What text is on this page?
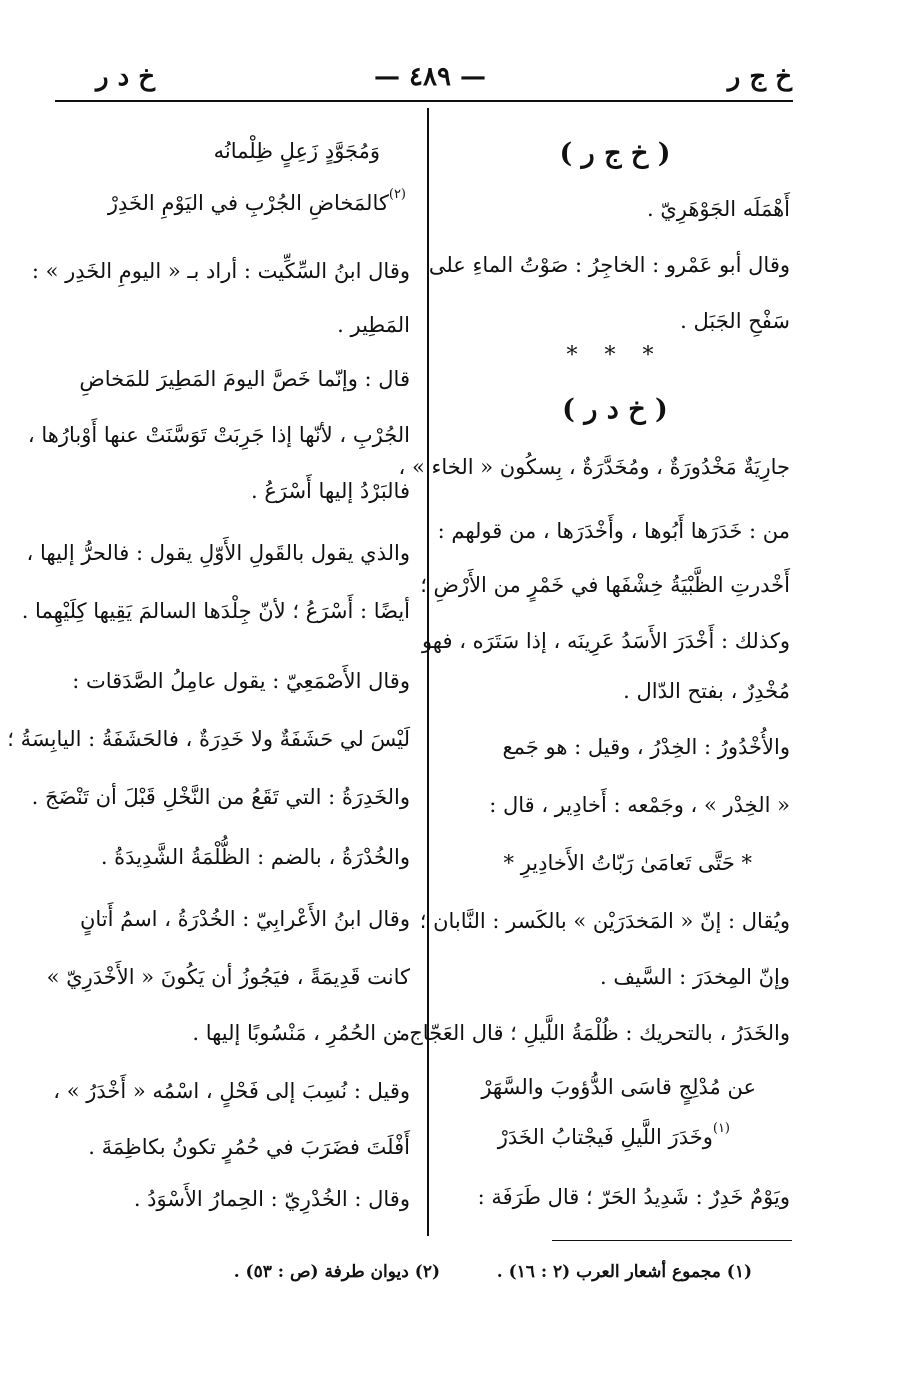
خ ج ر
— ٤٨٩ —
خ د ر
( خ ج ر )
أَهْمَلَه الجَوْهَرِيّ .
وقال أبو عَمْرو : الخاجِرُ : صَوْتُ الماءِ على
سَفْحِ الجَبَل .
* * *
( خ د ر )
جارِيَةٌ مَخْدُورَةٌ ، ومُخَدَّرَةٌ ، بِسكُون « الخاء » ،
من : خَدَرَها أَبُوها ، وأَخْدَرَها ، من قولهم :
أَخْدرتِ الظَّبْيَةُ خِشْفَها في خَمْرٍ من الأَرْضِ ؛
وكذلك : أَخْدَرَ الأَسَدُ عَرِينَه ، إذا سَتَرَه ، فهو
مُخْدِرٌ ، بفتح الدّال .
والأُخْدُورُ : الخِدْرُ ، وقيل : هو جَمع
« الخِدْر » ، وجَمْعه : أَخادِير ، قال :
* حَتَّى تَعامَىٰ رَبّاتُ الأَخادِيرِ *
ويُقال : إنّ « المَخدَرَيْن » بالكَسر : النَّابان ؛
وإنّ المِخدَرَ : السَّيف .
والخَدَرُ ، بالتحريك : ظُلْمَةُ اللَّيلِ ؛ قال العَجّاج :
عن مُدْلِجٍ قاسَى الدُّؤوبَ والسَّهَرْ
$^{(١)}$وخَدَرَ اللَّيلِ فَيجْتابُ الخَدَرْ
ويَوْمٌ خَدِرٌ : شَدِيدُ الحَرّ ؛ قال طَرَفَة :
وَمُجَوَّدٍ زَعِلٍ ظِلْمانُه
$^{(٢)}$كالمَخاضِ الجُرْبِ في اليَوْمِ الخَدِرْ
وقال ابنُ السِّكِّيت : أراد بـ « اليومِ الخَدِر » :
المَطِير .
قال : وإنّما خَصَّ اليومَ المَطِيرَ للمَخاضِ
الجُرْبِ ، لأنّها إذا جَرِبَتْ تَوَسَّنَتْ عنها أَوْبارُها ،
فالبَرْدُ إليها أَسْرَعُ .
والذي يقول بالقَولِ الأَوّلِ يقول : فالحرُّ إليها ،
أيضًا : أَسْرَعُ ؛ لأنّ جِلْدَها السالمَ يَقِيها كِلَيْهِما .
وقال الأَصْمَعِيّ : يقول عامِلُ الصَّدَقات :
لَيْسَ لي حَشَفَةٌ ولا خَدِرَةٌ ، فالحَشَفَةُ : اليابِسَةُ ؛
والخَدِرَةُ : التي تَقَعُ من النَّخْلِ قَبْلَ أن تَنْضَجَ .
والخُدْرَةُ ، بالضم : الظُّلْمَةُ الشَّدِيدَةُ .
وقال ابنُ الأَعْرابِيّ : الخُدْرَةُ ، اسمُ أَتانٍ
كانت قَدِيمَةً ، فيَجُوزُ أن يَكُونَ « الأَخْدَرِيّ »
من الحُمُرِ ، مَنْسُوبًا إليها .
وقيل : نُسِبَ إلى فَحْلٍ ، اسْمُه « أَخْدَرُ » ،
أَفْلَتَ فضَرَبَ في حُمُرٍ تكونُ بكاظِمَةَ .
وقال : الخُدْرِيّ : الحِمارُ الأَسْوَدُ .
(١) مجموع أشعار العرب (٢ : ١٦) .
(٢) ديوان طرفة (ص : ٥٣) .
